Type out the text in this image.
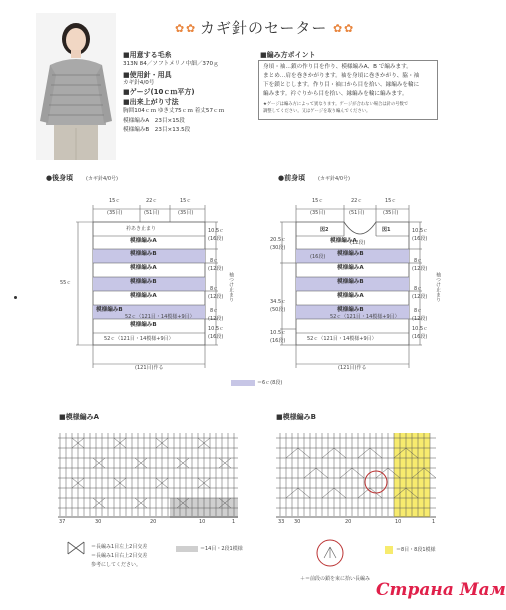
✿ ✿ カギ針のセーター ✿ ✿
■用意する毛糸
313N 84／ソフトメリノ中細／370ｇ
■使用針・用具
カギ針4/0号
■ゲージ(10ｃｍ平方)
■出来上がり寸法
胸囲104ｃｍ ゆき丈75ｃｍ 着丈57ｃｍ
模様編みA　23目×15段
模様編みB　23目×13.5段
■編み方ポイント
身頃・袖…鎖の作り目を作り、模様編みA、B で編みます。
まとめ…肩を巻きかがります。袖を身頃に巻きかがり、脇・袖
下を鎖とじします。作り目・袖口から目を拾い、縁編みを輪に
編みます。衿ぐりから目を拾い、縁編みを輪に編みます。
★ゲージは編み方によって異なります。ゲージが合わない場合は針の号数で
調整してください。又はゲージを取り編んでください。
●後身頃	(カギ針4/0号)
15ｃ
(35目)
22ｃ
(51目)
15ｃ
(35目)
衿あき止まり
模様編みA
模様編みB
模様編みA
模様編みB
模様編みA
模様編みB
52ｃ（121目・14模様+9目）
模様編みB
52ｃ（121目・14模様+9目）
(121目)作る
55ｃ
10.5ｃ
(16段)
8ｃ
(12段)
8ｃ
(12段)
8ｃ
(12段)
10.5ｃ
(16段)
袖つけ止まり
●前身頃	(カギ針4/0号)
15ｃ
(35目)
22ｃ
(51目)
15ｃ
(35目)
図2	図1
(12段)
(16段)
模様編みA
模様編みB
模様編みA
模様編みB
模様編みA
模様編みB
52ｃ（121目・14模様+9目）
52ｃ（121目・14模様+9目）
(121目)作る
20.5ｃ
(30段)
34.5ｃ
(50段)
10.5ｃ
(16段)
10.5ｃ
(16段)
8ｃ
(12段)
8ｃ
(12段)
8ｃ
(12段)
10.5ｃ
(16段)
袖つけ止まり
＝6ｃ(8段)
■模様編みA
37	30	20	10	1
＝長編み1目左上2目交差
＝長編み1目右上2目交差
参考にしてください。
＝14目・2段1模様
■模様編みB
33 30	20	10	1
＝8目・8段1模様
＋＝前段の鎖を束に拾い長編み
Страна Мам
